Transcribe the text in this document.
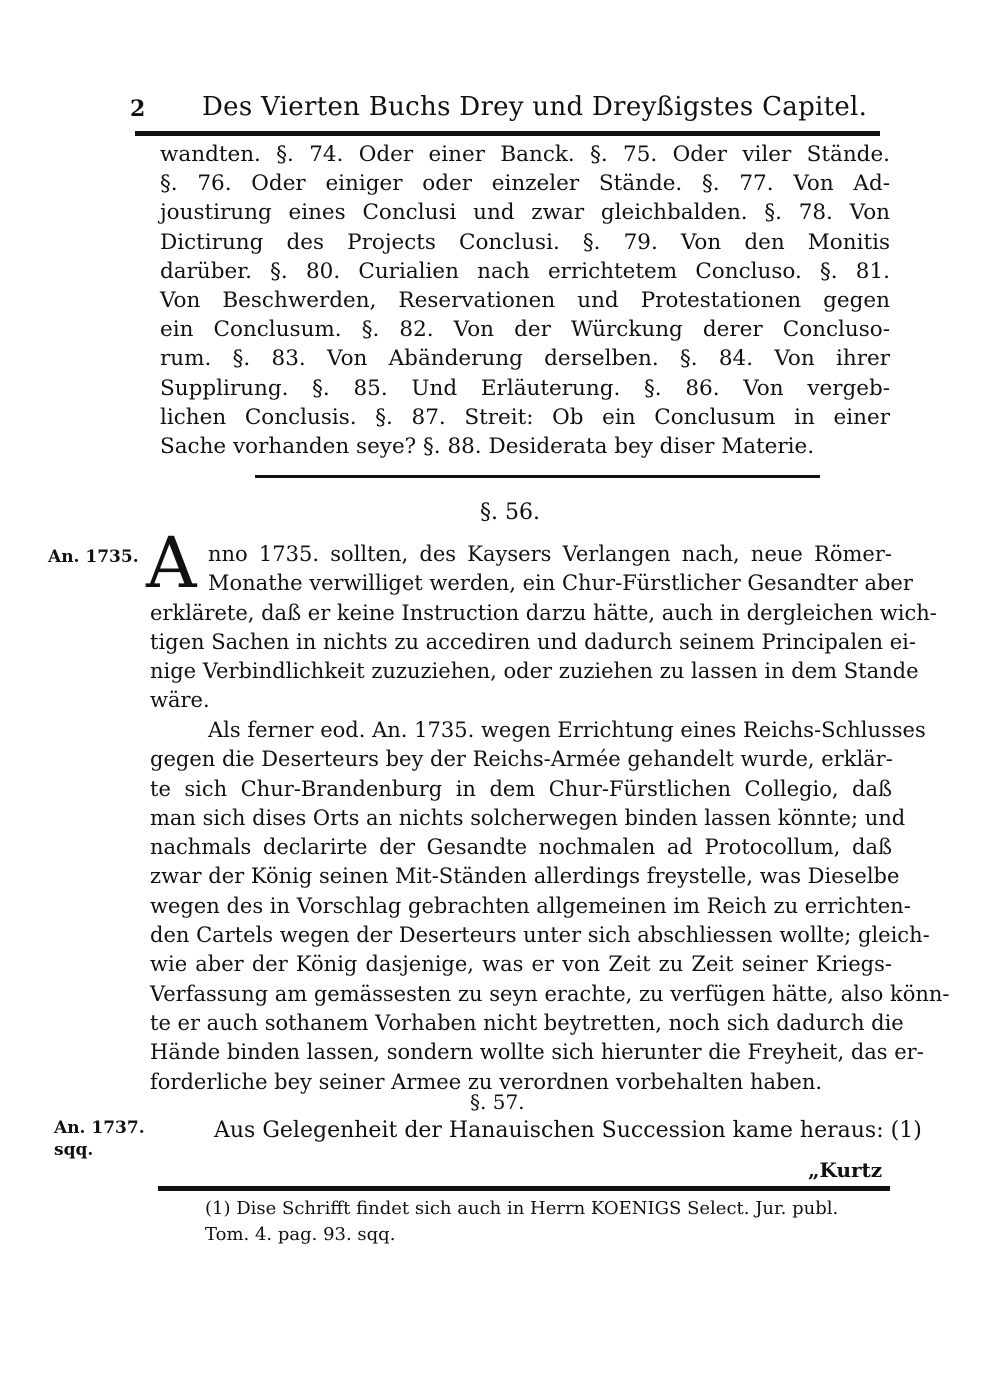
2 Des Vierten Buchs Drey und Dreyßigstes Capitel.
wandten. §. 74. Oder einer Banck. §. 75. Oder viler Stände.
§. 76. Oder einiger oder einzeler Stände. §. 77. Von Ad-
joustirung eines Conclusi und zwar gleichbalden. §. 78. Von
Dictirung des Projects Conclusi. §. 79. Von den Monitis
darüber. §. 80. Curialien nach errichtetem Concluso. §. 81.
Von Beschwerden, Reservationen und Protestationen gegen
ein Conclusum. §. 82. Von der Würckung derer Concluso-
rum. §. 83. Von Abänderung derselben. §. 84. Von ihrer
Supplirung. §. 85. Und Erläuterung. §. 86. Von vergeb-
lichen Conclusis. §. 87. Streit: Ob ein Conclusum in einer
Sache vorhanden seye? §. 88. Desiderata bey diser Materie.
§. 56.
An. 1735. A nno 1735. sollten, des Kaysers Verlangen nach, neue Römer-
Monathe verwilliget werden, ein Chur-Fürstlicher Gesandter aber
erklärete, daß er keine Instruction darzu hätte, auch in dergleichen wich-
tigen Sachen in nichts zu accediren und dadurch seinem Principalen ei-
nige Verbindlichkeit zuzuziehen, oder zuziehen zu lassen in dem Stande
wäre.
Als ferner eod. An. 1735. wegen Errichtung eines Reichs-Schlusses
gegen die Deserteurs bey der Reichs-Armée gehandelt wurde, erklär-
te sich Chur-Brandenburg in dem Chur-Fürstlichen Collegio, daß
man sich dises Orts an nichts solcherwegen binden lassen könnte; und
nachmals declarirte der Gesandte nochmalen ad Protocollum, daß
zwar der König seinen Mit-Ständen allerdings freystelle, was Dieselbe
wegen des in Vorschlag gebrachten allgemeinen im Reich zu errichten-
den Cartels wegen der Deserteurs unter sich abschliessen wollte; gleich-
wie aber der König dasjenige, was er von Zeit zu Zeit seiner Kriegs-
Verfassung am gemässesten zu seyn erachte, zu verfügen hätte, also könn-
te er auch sothanem Vorhaben nicht beytretten, noch sich dadurch die
Hände binden lassen, sondern wollte sich hierunter die Freyheit, das er-
forderliche bey seiner Armee zu verordnen vorbehalten haben.
§. 57.
An. 1737.
sqq.
Aus Gelegenheit der Hanauischen Succession kame heraus: (1)
„Kurtz
(1) Dise Schrifft findet sich auch in Herrn KOENIGS Select. Jur. publ.
Tom. 4. pag. 93. sqq.
